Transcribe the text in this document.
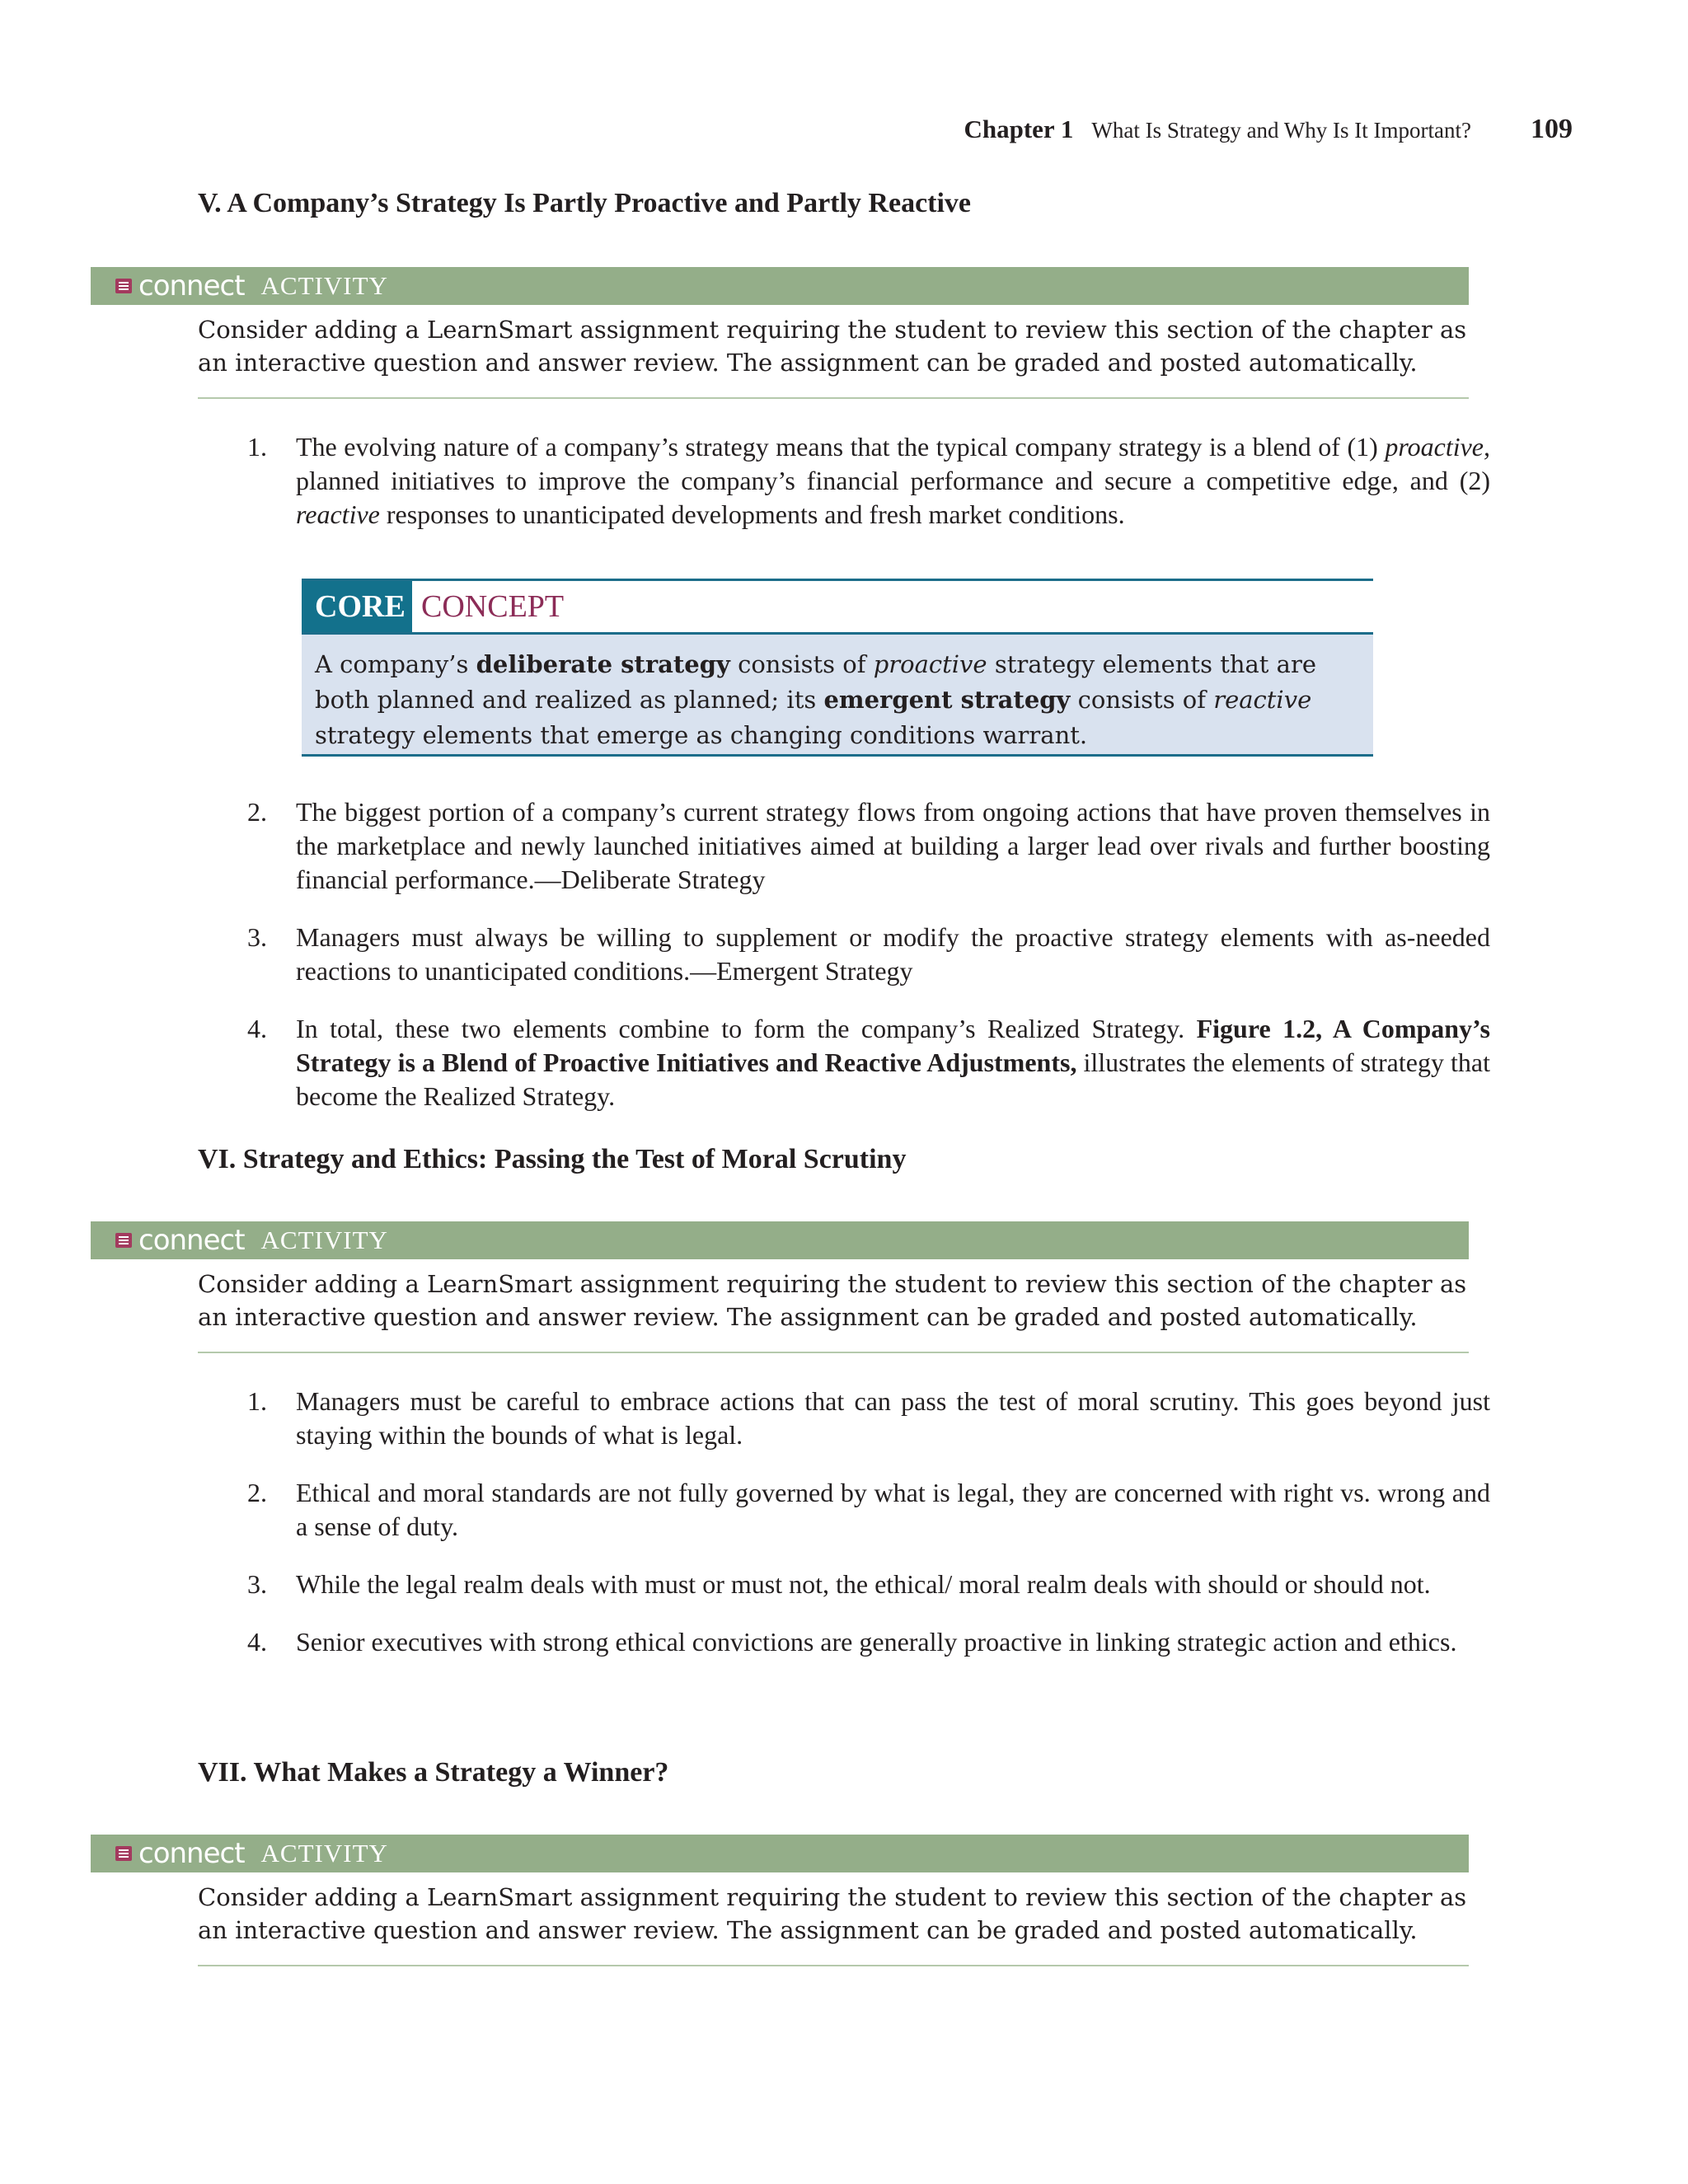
Chapter 1 What Is Strategy and Why Is It Important? 109
V. A Company’s Strategy Is Partly Proactive and Partly Reactive
connect ACTIVITY
Consider adding a LearnSmart assignment requiring the student to review this section of the chapter as an interactive question and answer review. The assignment can be graded and posted automatically.
1. The evolving nature of a company’s strategy means that the typical company strategy is a blend of (1) proactive, planned initiatives to improve the company’s financial performance and secure a competitive edge, and (2) reactive responses to unanticipated developments and fresh market conditions.
CORE CONCEPT
A company’s deliberate strategy consists of proactive strategy elements that are both planned and realized as planned; its emergent strategy consists of reactive strategy elements that emerge as changing conditions warrant.
2. The biggest portion of a company’s current strategy flows from ongoing actions that have proven themselves in the marketplace and newly launched initiatives aimed at building a larger lead over rivals and further boosting financial performance.—Deliberate Strategy
3. Managers must always be willing to supplement or modify the proactive strategy elements with as-needed reactions to unanticipated conditions.—Emergent Strategy
4. In total, these two elements combine to form the company’s Realized Strategy. Figure 1.2, A Company’s Strategy is a Blend of Proactive Initiatives and Reactive Adjustments, illustrates the elements of strategy that become the Realized Strategy.
VI. Strategy and Ethics: Passing the Test of Moral Scrutiny
connect ACTIVITY
Consider adding a LearnSmart assignment requiring the student to review this section of the chapter as an interactive question and answer review. The assignment can be graded and posted automatically.
1. Managers must be careful to embrace actions that can pass the test of moral scrutiny. This goes beyond just staying within the bounds of what is legal.
2. Ethical and moral standards are not fully governed by what is legal, they are concerned with right vs. wrong and a sense of duty.
3. While the legal realm deals with must or must not, the ethical/ moral realm deals with should or should not.
4. Senior executives with strong ethical convictions are generally proactive in linking strategic action and ethics.
VII. What Makes a Strategy a Winner?
connect ACTIVITY
Consider adding a LearnSmart assignment requiring the student to review this section of the chapter as an interactive question and answer review. The assignment can be graded and posted automatically.
